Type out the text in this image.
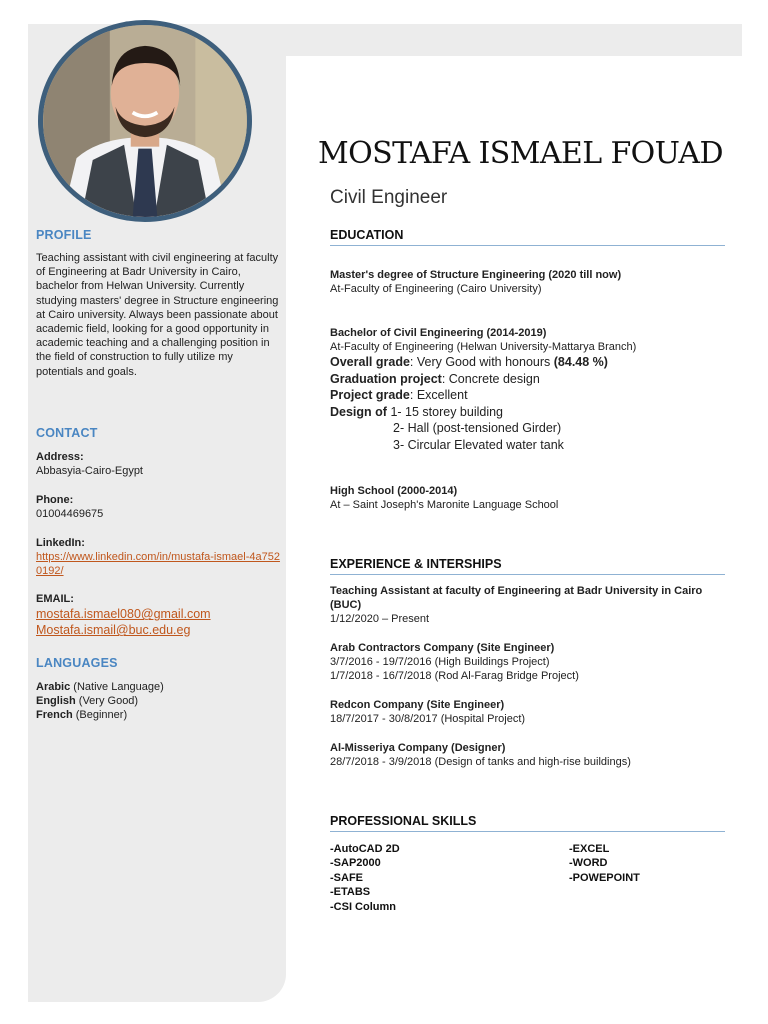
PROFILE
Teaching assistant with civil engineering at faculty of Engineering at Badr University in Cairo, bachelor from Helwan University. Currently studying masters' degree in Structure engineering at Cairo university. Always been passionate about academic field, looking for a good opportunity in academic teaching and a challenging position in the field of construction to fully utilize my potentials and goals.
CONTACT
Address:
Abbasyia-Cairo-Egypt
Phone:
01004469675
LinkedIn:
https://www.linkedin.com/in/mustafa-ismael-4a7520192/
EMAIL:
mostafa.ismael080@gmail.com
Mostafa.ismail@buc.edu.eg
LANGUAGES
Arabic (Native Language)
English (Very Good)
French (Beginner)
MOSTAFA ISMAEL FOUAD
Civil Engineer
EDUCATION
Master's degree of Structure Engineering (2020 till now)
At-Faculty of Engineering (Cairo University)
Bachelor of Civil Engineering (2014-2019)
At-Faculty of Engineering (Helwan University-Mattarya Branch)
Overall grade: Very Good with honours (84.48 %)
Graduation project: Concrete design
Project grade: Excellent
Design of 1- 15 storey building
2- Hall (post-tensioned Girder)
3- Circular Elevated water tank
High School (2000-2014)
At – Saint Joseph's Maronite Language School
EXPERIENCE & INTERSHIPS
Teaching Assistant at faculty of Engineering at Badr University in Cairo (BUC)
1/12/2020 – Present
Arab Contractors Company (Site Engineer)
3/7/2016 - 19/7/2016 (High Buildings Project)
1/7/2018 - 16/7/2018 (Rod Al-Farag Bridge Project)
Redcon Company (Site Engineer)
18/7/2017 - 30/8/2017 (Hospital Project)
Al-Misseriya Company (Designer)
28/7/2018 - 3/9/2018 (Design of tanks and high-rise buildings)
PROFESSIONAL SKILLS
-AutoCAD 2D
-SAP2000
-SAFE
-ETABS
-CSI Column
-EXCEL
-WORD
-POWEPOINT
